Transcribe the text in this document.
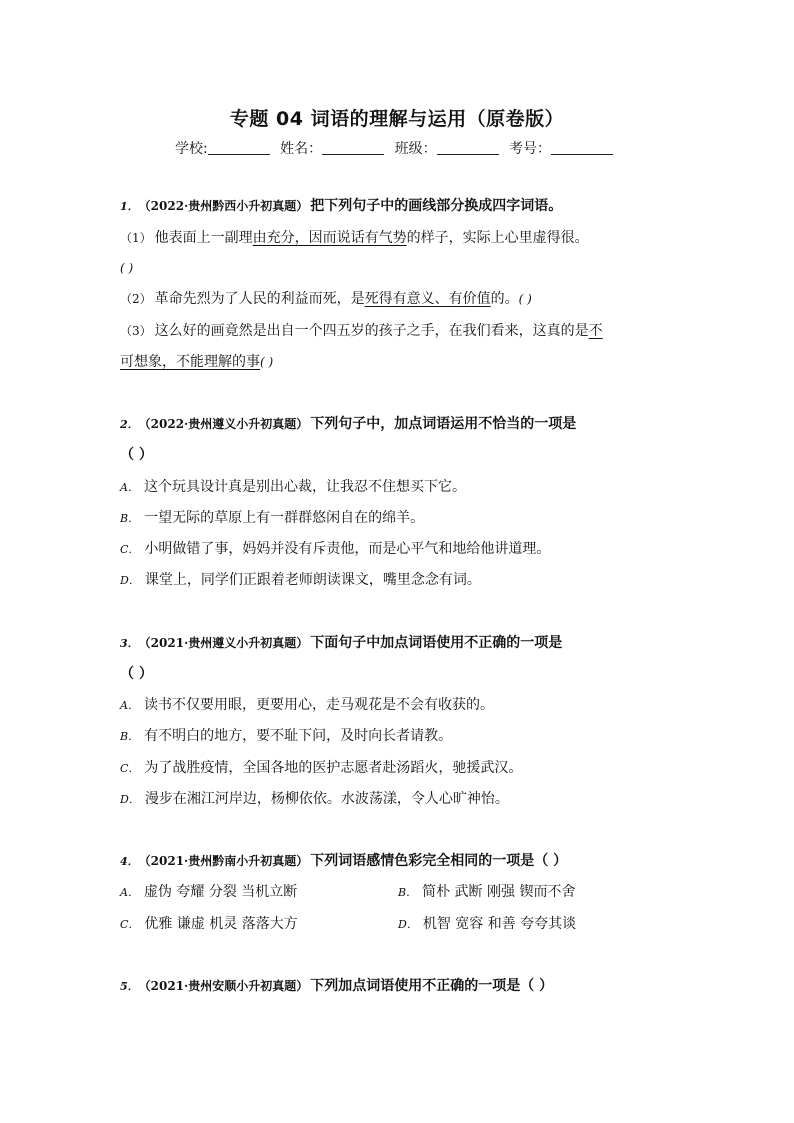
专题 04 词语的理解与运用（原卷版）
学校:	姓名：	班级：	考号：
1． （2022·贵州黔西小升初真题） 把下列句子中的画线部分换成四字词语。
（1） 他表面上一副理由充分，因而说话有气势的样子，实际上心里虚得很。
( )
（2） 革命先烈为了人民的利益而死，是死得有意义、有价值的。( )
（3） 这么好的画竟然是出自一个四五岁的孩子之手，在我们看来，这真的是不
可想象，不能理解的事( )
2． （2022·贵州遵义小升初真题） 下列句子中，加点词语运用不恰当的一项是
（ ）
A． 这个玩具设计真是别出心裁，让我忍不住想买下它。
B． 一望无际的草原上有一群群悠闲自在的绵羊。
C． 小明做错了事，妈妈并没有斥责他，而是心平气和地给他讲道理。
D． 课堂上，同学们正跟着老师朗读课文，嘴里念念有词。
3． （2021·贵州遵义小升初真题） 下面句子中加点词语使用不正确的一项是
（ ）
A． 读书不仅要用眼，更要用心，走马观花是不会有收获的。
B． 有不明白的地方，要不耻下问，及时向长者请教。
C． 为了战胜疫情，全国各地的医护志愿者赴汤蹈火，驰援武汉。
D． 漫步在湘江河岸边，杨柳依依。水波荡漾，令人心旷神怡。
4． （2021·贵州黔南小升初真题） 下列词语感情色彩完全相同的一项是（ ）
A． 虚伪 夸耀 分裂 当机立断	B． 简朴 武断 刚强 锲而不舍
C． 优雅 谦虚 机灵 落落大方	D． 机智 宽容 和善 夸夸其谈
5． （2021·贵州安顺小升初真题） 下列加点词语使用不正确的一项是（ ）
